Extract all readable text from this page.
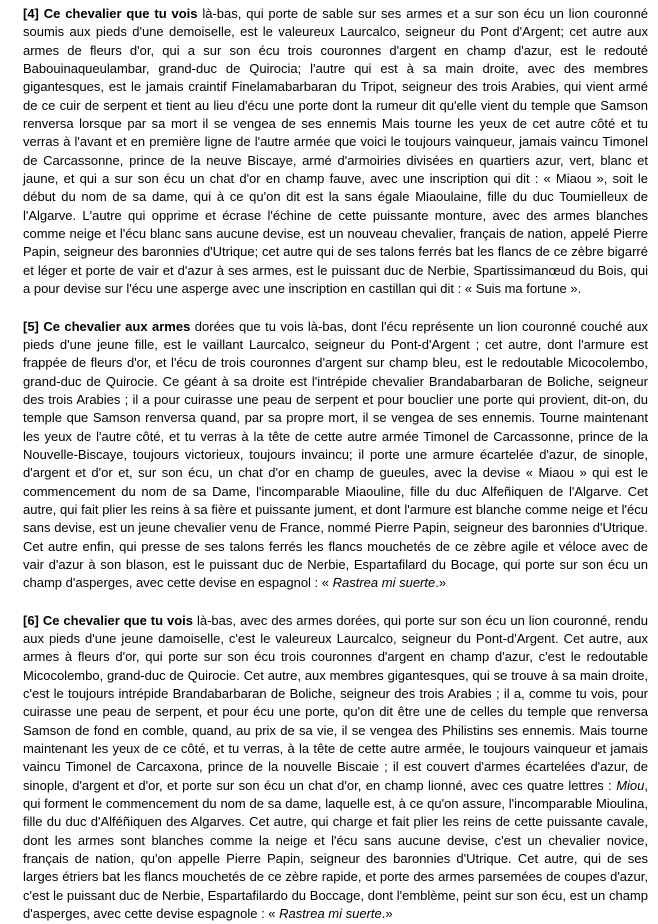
[4] Ce chevalier que tu vois là-bas, qui porte de sable sur ses armes et a sur son écu un lion couronné soumis aux pieds d'une demoiselle, est le valeureux Laurcalco, seigneur du Pont d'Argent; cet autre aux armes de fleurs d'or, qui a sur son écu trois couronnes d'argent en champ d'azur, est le redouté Babouinaqueulambar, grand-duc de Quirocia; l'autre qui est à sa main droite, avec des membres gigantesques, est le jamais craintif Finelamabarbaran du Tripot, seigneur des trois Arabies, qui vient armé de ce cuir de serpent et tient au lieu d'écu une porte dont la rumeur dit qu'elle vient du temple que Samson renversa lorsque par sa mort il se vengea de ses ennemis Mais tourne les yeux de cet autre côté et tu verras à l'avant et en première ligne de l'autre armée que voici le toujours vainqueur, jamais vaincu Timonel de Carcassonne, prince de la neuve Biscaye, armé d'armoiries divisées en quartiers azur, vert, blanc et jaune, et qui a sur son écu un chat d'or en champ fauve, avec une inscription qui dit : « Miaou », soit le début du nom de sa dame, qui à ce qu'on dit est la sans égale Miaoulaine, fille du duc Toumielleux de l'Algarve. L'autre qui opprime et écrase l'échine de cette puissante monture, avec des armes blanches comme neige et l'écu blanc sans aucune devise, est un nouveau chevalier, français de nation, appelé Pierre Papin, seigneur des baronnies d'Utrique; cet autre qui de ses talons ferrés bat les flancs de ce zèbre bigarré et léger et porte de vair et d'azur à ses armes, est le puissant duc de Nerbie, Spartissimanœud du Bois, qui a pour devise sur l'écu une asperge avec une inscription en castillan qui dit : « Suis ma fortune ».

[5] Ce chevalier aux armes dorées que tu vois là-bas, dont l'écu représente un lion couronné couché aux pieds d'une jeune fille, est le vaillant Laurcalco, seigneur du Pont-d'Argent ; cet autre, dont l'armure est frappée de fleurs d'or, et l'écu de trois couronnes d'argent sur champ bleu, est le redoutable Micocolembo, grand-duc de Quirocie. Ce géant à sa droite est l'intrépide chevalier Brandabarbaran de Boliche, seigneur des trois Arabies ; il a pour cuirasse une peau de serpent et pour bouclier une porte qui provient, dit-on, du temple que Samson renversa quand, par sa propre mort, il se vengea de ses ennemis. Tourne maintenant les yeux de l'autre côté, et tu verras à la tête de cette autre armée Timonel de Carcassonne, prince de la Nouvelle-Biscaye, toujours victorieux, toujours invaincu; il porte une armure écartelée d'azur, de sinople, d'argent et d'or et, sur son écu, un chat d'or en champ de gueules, avec la devise « Miaou » qui est le commencement du nom de sa Dame, l'incomparable Miaouline, fille du duc Alfeñiquen de l'Algarve. Cet autre, qui fait plier les reins à sa fière et puissante jument, et dont l'armure est blanche comme neige et l'écu sans devise, est un jeune chevalier venu de France, nommé Pierre Papin, seigneur des baronnies d'Utrique. Cet autre enfin, qui presse de ses talons ferrés les flancs mouchetés de ce zèbre agile et véloce avec de vair d'azur à son blason, est le puissant duc de Nerbie, Espartafilard du Bocage, qui porte sur son écu un champ d'asperges, avec cette devise en espagnol : « Rastrea mi suerte.»

[6] Ce chevalier que tu vois là-bas, avec des armes dorées, qui porte sur son écu un lion couronné, rendu aux pieds d'une jeune damoiselle, c'est le valeureux Laurcalco, seigneur du Pont-d'Argent. Cet autre, aux armes à fleurs d'or, qui porte sur son écu trois couronnes d'argent en champ d'azur, c'est le redoutable Micocolembo, grand-duc de Quirocie. Cet autre, aux membres gigantesques, qui se trouve à sa main droite, c'est le toujours intrépide Brandabarbaran de Boliche, seigneur des trois Arabies ; il a, comme tu vois, pour cuirasse une peau de serpent, et pour écu une porte, qu'on dit être une de celles du temple que renversa Samson de fond en comble, quand, au prix de sa vie, il se vengea des Philistins ses ennemis. Mais tourne maintenant les yeux de ce côté, et tu verras, à la tête de cette autre armée, le toujours vainqueur et jamais vaincu Timonel de Carcaxona, prince de la nouvelle Biscaie ; il est couvert d'armes écartelées d'azur, de sinople, d'argent et d'or, et porte sur son écu un chat d'or, en champ lionné, avec ces quatre lettres : Miou, qui forment le commencement du nom de sa dame, laquelle est, à ce qu'on assure, l'incomparable Mioulina, fille du duc d'Alféñiquen des Algarves. Cet autre, qui charge et fait plier les reins de cette puissante cavale, dont les armes sont blanches comme la neige et l'écu sans aucune devise, c'est un chevalier novice, français de nation, qu'on appelle Pierre Papin, seigneur des baronnies d'Utrique. Cet autre, qui de ses larges étriers bat les flancs mouchetés de ce zèbre rapide, et porte des armes parsemées de coupes d'azur, c'est le puissant duc de Nerbie, Espartafilardo du Boccage, dont l'emblème, peint sur son écu, est un champ d'asperges, avec cette devise espagnole : « Rastrea mi suerte.»
